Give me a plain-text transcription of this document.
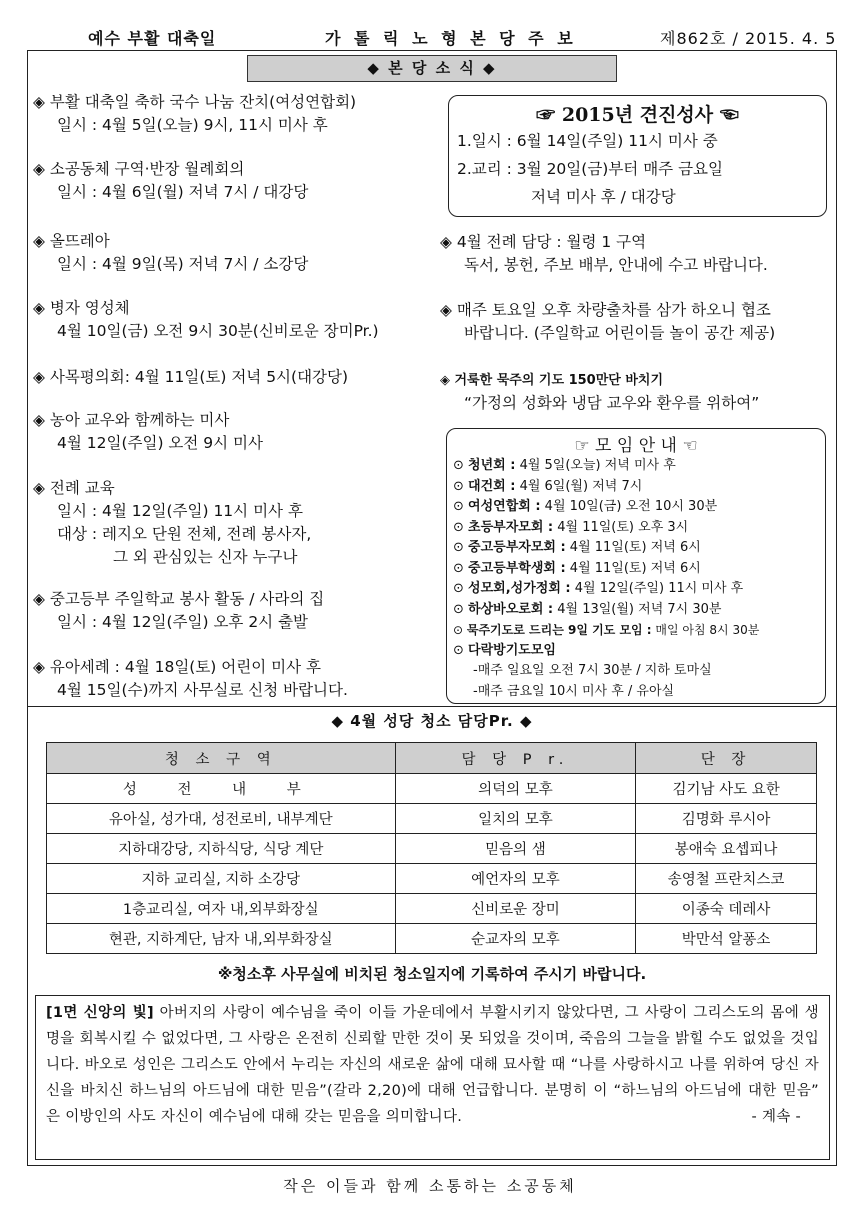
예수 부활 대축일	가 톨 릭 노 형 본 당 주 보	제862호 / 2015. 4. 5
◆ 본 당 소 식 ◆
◈ 부활 대축일 축하 국수 나눔 잔치(여성연합회)
일시 : 4월 5일(오늘) 9시, 11시 미사 후
◈ 소공동체 구역·반장 월례회의
일시 : 4월 6일(월) 저녁 7시 / 대강당
◈ 올뜨레아
일시 : 4월 9일(목) 저녁 7시 / 소강당
◈ 병자 영성체
4월 10일(금) 오전 9시 30분(신비로운 장미Pr.)
◈ 사목평의회: 4월 11일(토) 저녁 5시(대강당)
◈ 농아 교우와 함께하는 미사
4월 12일(주일) 오전 9시 미사
◈ 전례 교육
일시 : 4월 12일(주일) 11시 미사 후
대상 : 레지오 단원 전체, 전례 봉사자,
그 외 관심있는 신자 누구나
◈ 중고등부 주일학교 봉사 활동 / 사라의 집
일시 : 4월 12일(주일) 오후 2시 출발
◈ 유아세례 : 4월 18일(토) 어린이 미사 후
4월 15일(수)까지 사무실로 신청 바랍니다.
☞ 2015년 견진성사 ☜
1.일시 : 6월 14일(주일) 11시 미사 중
2.교리 : 3월 20일(금)부터 매주 금요일
저녁 미사 후 / 대강당
◈ 4월 전례 담당 : 월령 1 구역
독서, 봉헌, 주보 배부, 안내에 수고 바랍니다.
◈ 매주 토요일 오후 차량출차를 삼가 하오니 협조
바랍니다. (주일학교 어린이들 놀이 공간 제공)
◈ 거룩한 묵주의 기도 150만단 바치기
“가정의 성화와 냉담 교우와 환우를 위하여”
☞ 모 임 안 내 ☜
⊙ 청년회 : 4월 5일(오늘) 저녁 미사 후
⊙ 대건회 : 4월 6일(월) 저녁 7시
⊙ 여성연합회 : 4월 10일(금) 오전 10시 30분
⊙ 초등부자모회 : 4월 11일(토) 오후 3시
⊙ 중고등부자모회 : 4월 11일(토) 저녁 6시
⊙ 중고등부학생회 : 4월 11일(토) 저녁 6시
⊙ 성모회,성가정회 : 4월 12일(주일) 11시 미사 후
⊙ 하상바오로회 : 4월 13일(월) 저녁 7시 30분
⊙ 묵주기도로 드리는 9일 기도 모임 : 매일 아침 8시 30분
⊙ 다락방기도모임
-매주 일요일 오전 7시 30분 / 지하 토마실
-매주 금요일 10시 미사 후 / 유아실
◆ 4월 성당 청소 담당Pr. ◆
청 소 구 역	담 당 P r.	단 장
성 전 내 부	의덕의 모후	김기남 사도 요한
유아실, 성가대, 성전로비, 내부계단	일치의 모후	김명화 루시아
지하대강당, 지하식당, 식당 계단	믿음의 샘	봉애숙 요셉피나
지하 교리실, 지하 소강당	예언자의 모후	송영철 프란치스코
1층교리실, 여자 내,외부화장실	신비로운 장미	이종숙 데레사
현관, 지하계단, 남자 내,외부화장실	순교자의 모후	박만석 알퐁소
※청소후 사무실에 비치된 청소일지에 기록하여 주시기 바랍니다.
[1면 신앙의 빛] 아버지의 사랑이 예수님을 죽이 이들 가운데에서 부활시키지 않았다면, 그 사랑이 그리스도의 몸에 생명을 회복시킬 수 없었다면, 그 사랑은 온전히 신뢰할 만한 것이 못 되었을 것이며, 죽음의 그늘을 밝힐 수도 없었을 것입니다. 바오로 성인은 그리스도 안에서 누리는 자신의 새로운 삶에 대해 묘사할 때 “나를 사랑하시고 나를 위하여 당신 자신을 바치신 하느님의 아드님에 대한 믿음”(갈라 2,20)에 대해 언급합니다. 분명히 이 “하느님의 아드님에 대한 믿음” 은 이방인의 사도 자신이 예수님에 대해 갖는 믿음을 의미합니다.	- 계속 -
작은 이들과 함께 소통하는 소공동체
